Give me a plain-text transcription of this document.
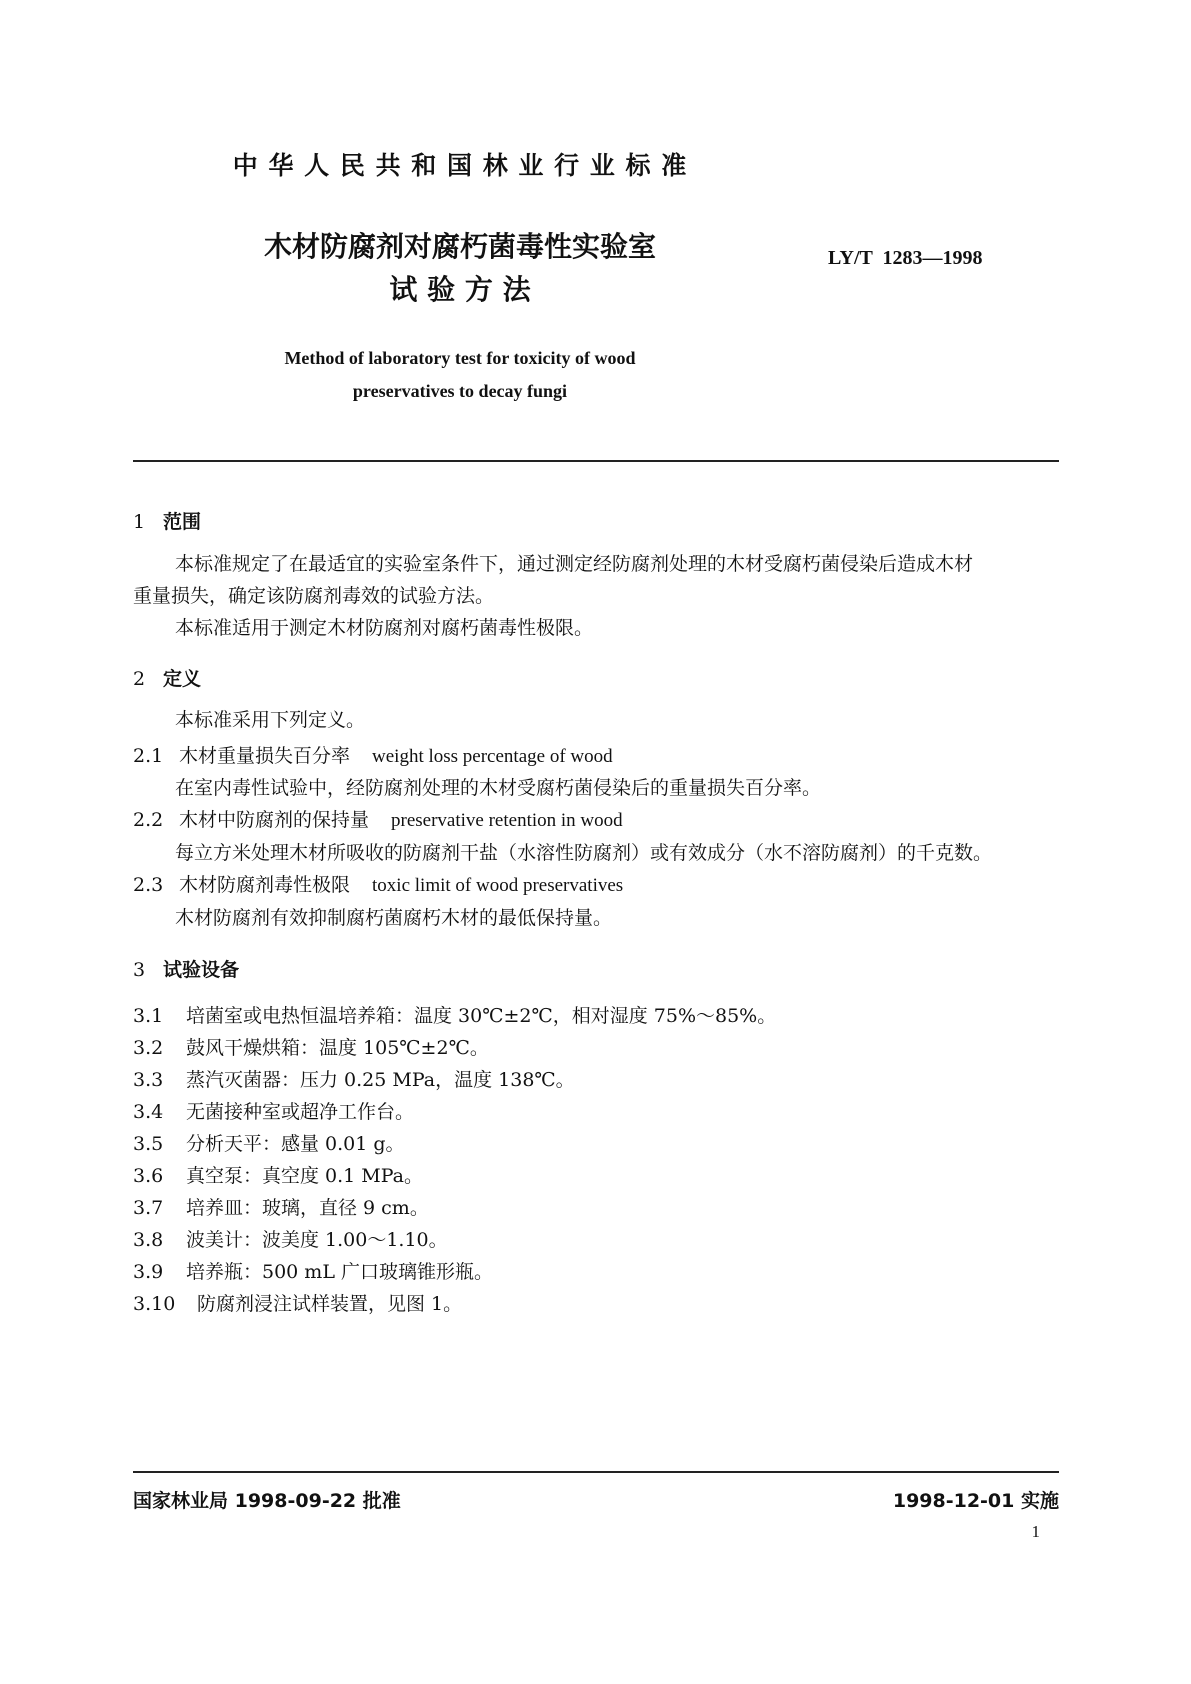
中 华 人 民 共 和 国 林 业 行 业 标 准
木材防腐剂对腐朽菌毒性实验室
试 验 方 法
LY/T  1283—1998
Method of laboratory test for toxicity of wood
preservatives to decay fungi
1 范围
本标准规定了在最适宜的实验室条件下，通过测定经防腐剂处理的木材受腐朽菌侵染后造成木材
重量损失，确定该防腐剂毒效的试验方法。
本标准适用于测定木材防腐剂对腐朽菌毒性极限。
2 定义
本标准采用下列定义。
2.1 木材重量损失百分率 weight loss percentage of wood
在室内毒性试验中，经防腐剂处理的木材受腐朽菌侵染后的重量损失百分率。
2.2 木材中防腐剂的保持量 preservative retention in wood
每立方米处理木材所吸收的防腐剂干盐（水溶性防腐剂）或有效成分（水不溶防腐剂）的千克数。
2.3 木材防腐剂毒性极限 toxic limit of wood preservatives
木材防腐剂有效抑制腐朽菌腐朽木材的最低保持量。
3 试验设备
3.1 培菌室或电热恒温培养箱：温度 30℃±2℃，相对湿度 75%～85%。
3.2 鼓风干燥烘箱：温度 105℃±2℃。
3.3 蒸汽灭菌器：压力 0.25 MPa，温度 138℃。
3.4 无菌接种室或超净工作台。
3.5 分析天平：感量 0.01 g。
3.6 真空泵：真空度 0.1 MPa。
3.7 培养皿：玻璃，直径 9 cm。
3.8 波美计：波美度 1.00～1.10。
3.9 培养瓶：500 mL 广口玻璃锥形瓶。
3.10 防腐剂浸注试样装置，见图 1。
国家林业局 1998-09-22 批准	1998-12-01 实施
1
